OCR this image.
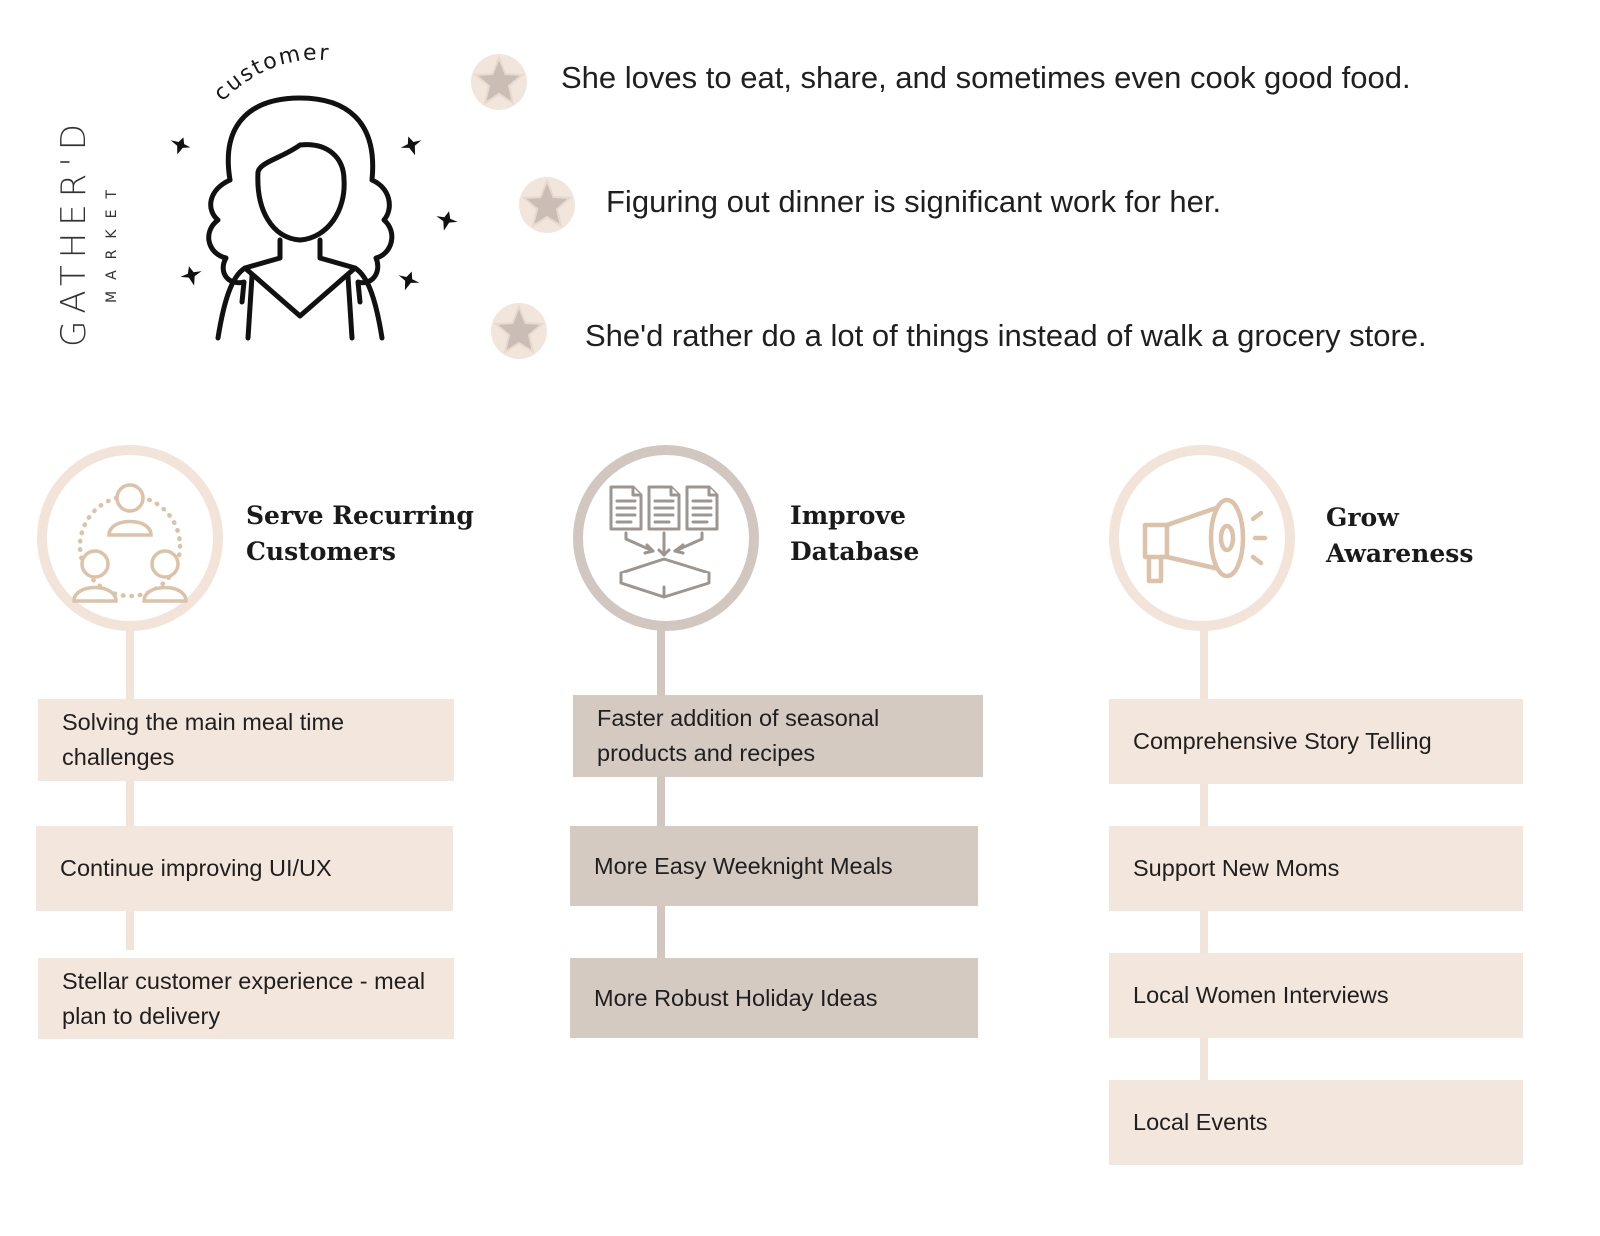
GATHER'D MARKET
customer
She loves to eat, share, and sometimes even cook good food.
Figuring out dinner is significant work for her.
She'd rather do a lot of things instead of walk a grocery store.
Serve Recurring
Customers
Solving the main meal time challenges
Continue improving UI/UX
Stellar customer experience - meal plan to delivery
Improve
Database
Faster addition of seasonal products and recipes
More Easy Weeknight Meals
More Robust Holiday Ideas
Grow
Awareness
Comprehensive Story Telling
Support New Moms
Local Women Interviews
Local Events
